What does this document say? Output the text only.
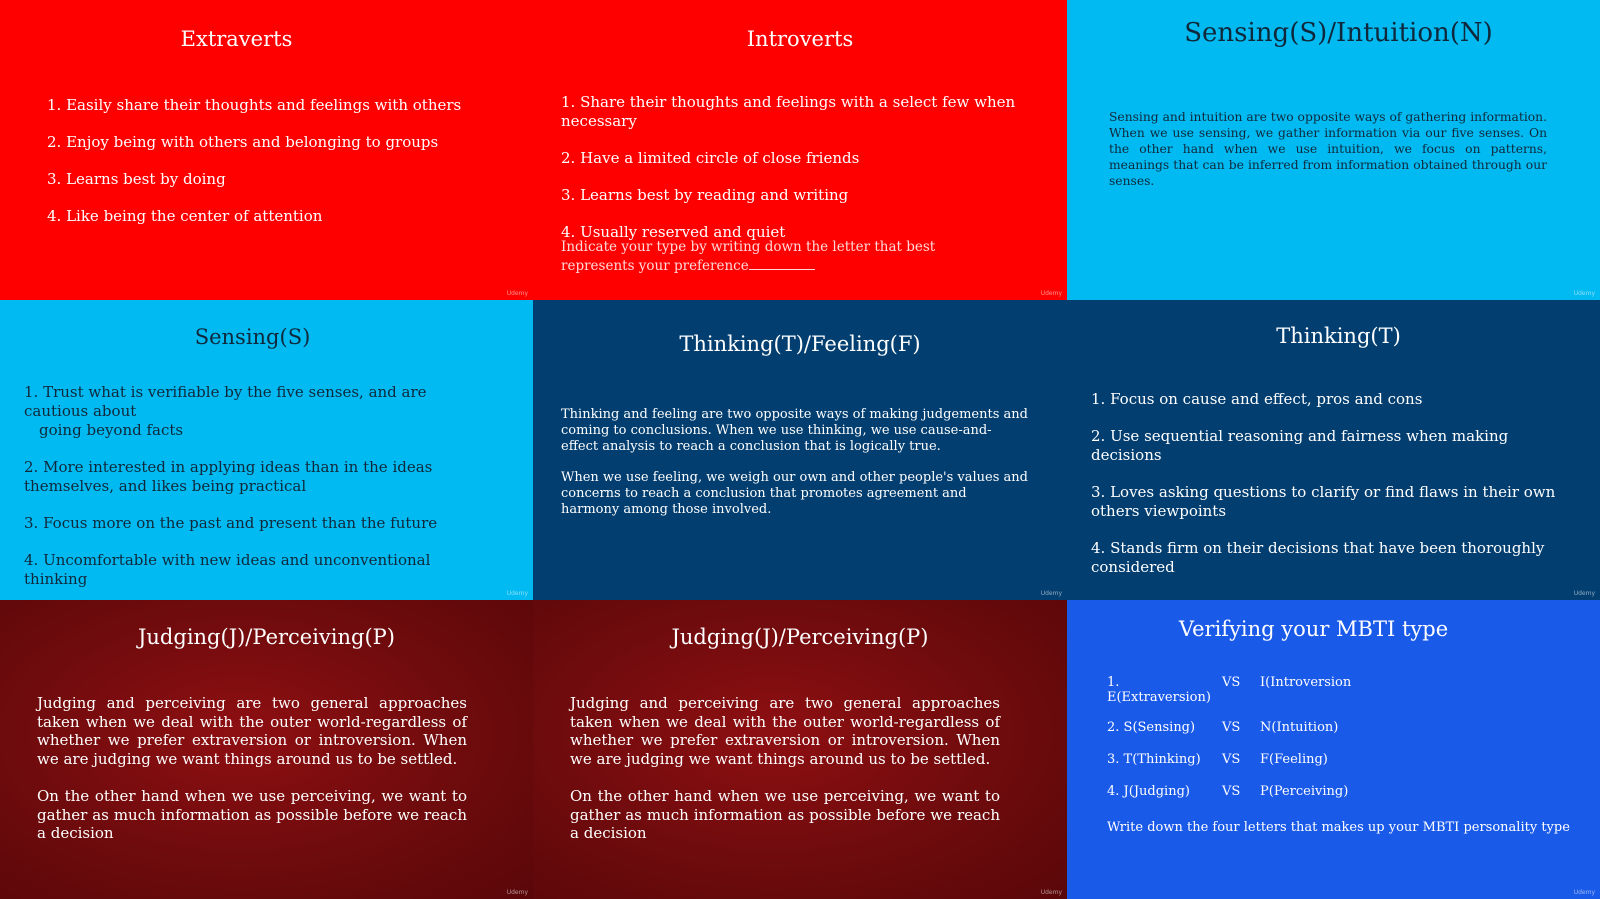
Extraverts
1. Easily share their thoughts and feelings with others
2. Enjoy being with others and belonging to groups
3. Learns best by doing
4. Like being the center of attention
Udemy
Introverts
1. Share their thoughts and feelings with a select few when necessary
2. Have a limited circle of close friends
3. Learns best by reading and writing
4. Usually reserved and quiet

Indicate your type by writing down the letter that best represents your preference

Udemy
Sensing(S)/Intuition(N)

Sensing and intuition are two opposite ways of gathering information. When we use sensing, we gather information via our five senses. On the other hand when we use intuition, we focus on patterns, meanings that can be inferred from information obtained through our senses.

Udemy
Sensing(S)
1. Trust what is verifiable by the five senses, and are cautious about
going beyond facts
2. More interested in applying ideas than in the ideas themselves, and likes being practical
3. Focus more on the past and present than the future
4. Uncomfortable with new ideas and unconventional thinking
Udemy
Thinking(T)/Feeling(F)

Thinking and feeling are two opposite ways of making judgements and coming to conclusions. When we use thinking, we use cause-and-effect analysis to reach a conclusion that is logically true.

When we use feeling, we weigh our own and other people's values and concerns to reach a conclusion that promotes agreement and harmony among those involved.

Udemy
Thinking(T)
1. Focus on cause and effect, pros and cons
2. Use sequential reasoning and fairness when making decisions
3. Loves asking questions to clarify or find flaws in their own others viewpoints
4. Stands firm on their decisions that have been thoroughly considered
Udemy
Judging(J)/Perceiving(P)

Judging and perceiving are two general approaches taken when we deal with the outer world-regardless of whether we prefer extraversion or introversion. When we are judging we want things around us to be settled.

On the other hand when we use perceiving, we want to gather as much information as possible before we reach a decision

Udemy
Judging(J)/Perceiving(P)

Judging and perceiving are two general approaches taken when we deal with the outer world-regardless of whether we prefer extraversion or introversion. When we are judging we want things around us to be settled.

On the other hand when we use perceiving, we want to gather as much information as possible before we reach a decision

Udemy
Verifying your MBTI type
1. E(Extraversion)	VS	I(Introversion
2. S(Sensing)	VS	N(Intuition)
3. T(Thinking)	VS	F(Feeling)
4. J(Judging)	VS	P(Perceiving)

Write down the four letters that makes up your MBTI personality type

Udemy
